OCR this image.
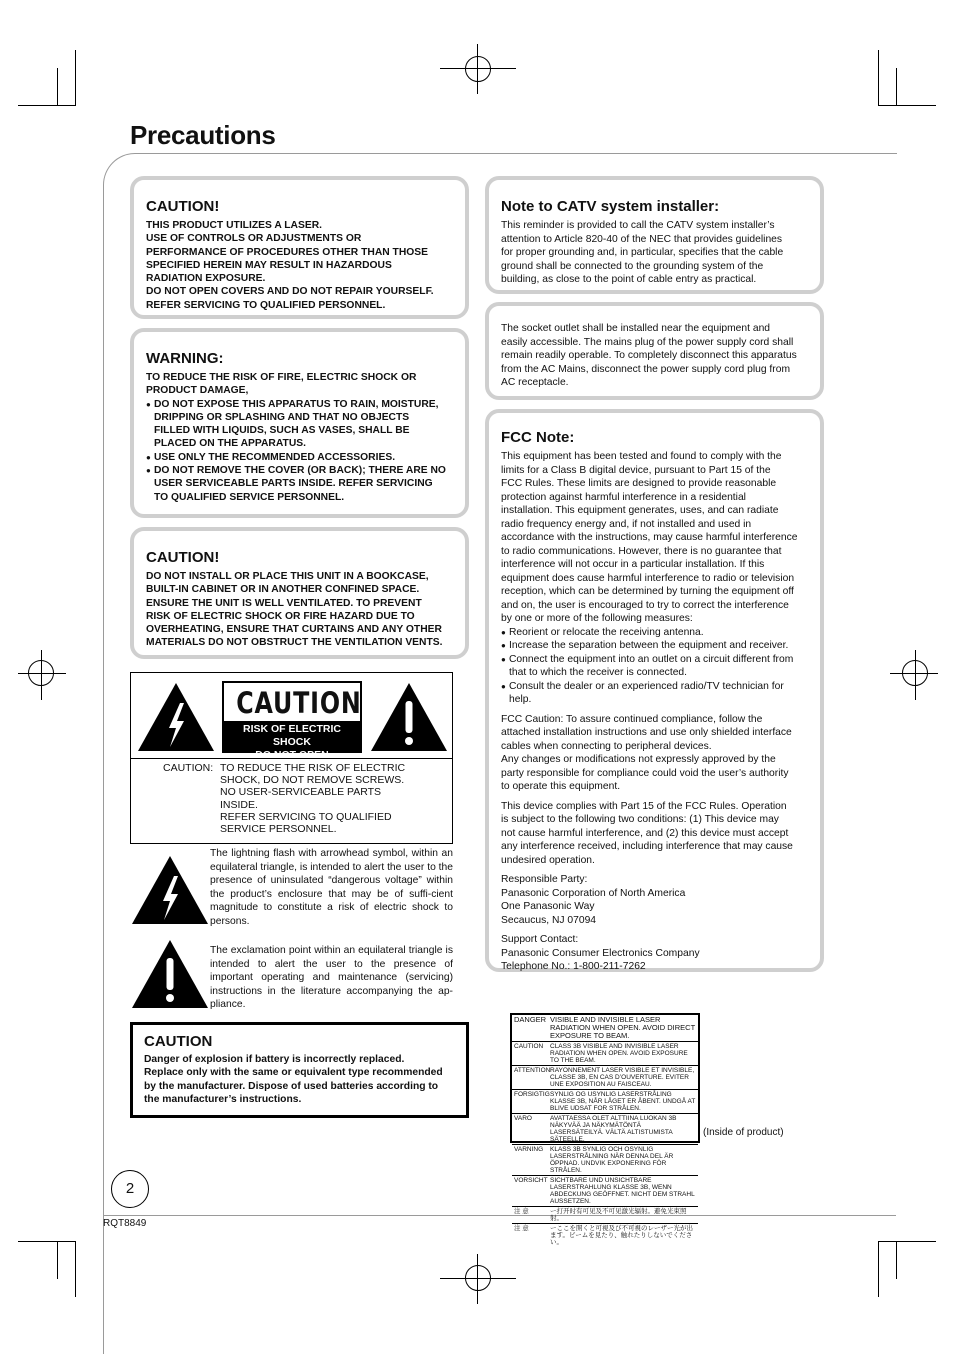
Precautions
CAUTION!
THIS PRODUCT UTILIZES A LASER.
USE OF CONTROLS OR ADJUSTMENTS OR
PERFORMANCE OF PROCEDURES OTHER THAN THOSE
SPECIFIED HEREIN MAY RESULT IN HAZARDOUS
RADIATION EXPOSURE.
DO NOT OPEN COVERS AND DO NOT REPAIR YOURSELF.
REFER SERVICING TO QUALIFIED PERSONNEL.
WARNING:
TO REDUCE THE RISK OF FIRE, ELECTRIC SHOCK OR
PRODUCT DAMAGE,
● DO NOT EXPOSE THIS APPARATUS TO RAIN, MOISTURE,
DRIPPING OR SPLASHING AND THAT NO OBJECTS
FILLED WITH LIQUIDS, SUCH AS VASES, SHALL BE
PLACED ON THE APPARATUS.
● USE ONLY THE RECOMMENDED ACCESSORIES.
● DO NOT REMOVE THE COVER (OR BACK); THERE ARE NO
USER SERVICEABLE PARTS INSIDE. REFER SERVICING
TO QUALIFIED SERVICE PERSONNEL.
CAUTION!
DO NOT INSTALL OR PLACE THIS UNIT IN A BOOKCASE,
BUILT-IN CABINET OR IN ANOTHER CONFINED SPACE.
ENSURE THE UNIT IS WELL VENTILATED. TO PREVENT
RISK OF ELECTRIC SHOCK OR FIRE HAZARD DUE TO
OVERHEATING, ENSURE THAT CURTAINS AND ANY OTHER
MATERIALS DO NOT OBSTRUCT THE VENTILATION VENTS.
CAUTION
RISK OF ELECTRIC SHOCK
DO NOT OPEN
CAUTION: TO REDUCE THE RISK OF ELECTRIC
SHOCK, DO NOT REMOVE SCREWS.
NO USER-SERVICEABLE PARTS
INSIDE.
REFER SERVICING TO QUALIFIED
SERVICE PERSONNEL.
The lightning flash with arrowhead symbol, within an equilateral triangle, is intended to alert the user to the presence of uninsulated “dangerous voltage” within the product’s enclosure that may be of suffi-cient magnitude to constitute a risk of electric shock to persons.
The exclamation point within an equilateral triangle is intended to alert the user to the presence of important operating and maintenance (servicing) instructions in the literature accompanying the ap-pliance.
CAUTION
Danger of explosion if battery is incorrectly replaced.
Replace only with the same or equivalent type recommended
by the manufacturer. Dispose of used batteries according to
the manufacturer’s instructions.
Note to CATV system installer:
This reminder is provided to call the CATV system installer’s
attention to Article 820-40 of the NEC that provides guidelines
for proper grounding and, in particular, specifies that the cable
ground shall be connected to the grounding system of the
building, as close to the point of cable entry as practical.
The socket outlet shall be installed near the equipment and
easily accessible. The mains plug of the power supply cord shall
remain readily operable. To completely disconnect this apparatus
from the AC Mains, disconnect the power supply cord plug from
AC receptacle.
FCC Note:
This equipment has been tested and found to comply with the
limits for a Class B digital device, pursuant to Part 15 of the
FCC Rules. These limits are designed to provide reasonable
protection against harmful interference in a residential
installation. This equipment generates, uses, and can radiate
radio frequency energy and, if not installed and used in
accordance with the instructions, may cause harmful interference
to radio communications. However, there is no guarantee that
interference will not occur in a particular installation. If this
equipment does cause harmful interference to radio or television
reception, which can be determined by turning the equipment off
and on, the user is encouraged to try to correct the interference
by one or more of the following measures:
● Reorient or relocate the receiving antenna.
● Increase the separation between the equipment and receiver.
● Connect the equipment into an outlet on a circuit different from
that to which the receiver is connected.
● Consult the dealer or an experienced radio/TV technician for
help.
FCC Caution: To assure continued compliance, follow the
attached installation instructions and use only shielded interface
cables when connecting to peripheral devices.
Any changes or modifications not expressly approved by the
party responsible for compliance could void the user’s authority
to operate this equipment.
This device complies with Part 15 of the FCC Rules. Operation
is subject to the following two conditions: (1) This device may
not cause harmful interference, and (2) this device must accept
any interference received, including interference that may cause
undesired operation.
Responsible Party:
Panasonic Corporation of North America
One Panasonic Way
Secaucus, NJ 07094
Support Contact:
Panasonic Consumer Electronics Company
Telephone No.: 1-800-211-7262
DANGER VISIBLE AND INVISIBLE LASER RADIATION WHEN OPEN. AVOID DIRECT EXPOSURE TO BEAM.
CAUTION	CLASS 3B VISIBLE AND INVISIBLE LASER RADIATION WHEN OPEN. AVOID EXPOSURE TO THE BEAM.
ATTENTION RAYONNEMENT LASER VISIBLE ET INVISIBLE, CLASSE 3B, EN CAS D’OUVERTURE. EVITER UNE EXPOSITION AU FAISCEAU.
FORSIGTIG SYNLIG OG USYNLIG LASERSTRÅLING KLASSE 3B, NÅR LÅGET ER ÅBENT. UNDGÅ AT BLIVE UDSAT FOR STRÅLEN.
VARO	AVATTAESSA OLET ALTTIINA LUOKAN 3B NÄKYVÄÄ JA NÄKYMÄTÖNTÄ LASERSÄTEILYÄ. VÄLTÄ ALTISTUMISTA SÄTEELLE.
VARNING	KLASS 3B SYNLIG OCH OSYNLIG LASERSTRÅLNING NÄR DENNA DEL ÄR ÖPPNAD. UNDVIK EXPONERING FÖR STRÅLEN.
VORSICHT SICHTBARE UND UNSICHTBARE LASERSTRAHLUNG KLASSE 3B, WENN ABDECKUNG GEÖFFNET. NICHT DEM STRAHL AUSSETZEN.
注 意	ー打开时有可见及不可见激光辐射。避免光束照射。
注 意	ーここを開くと可視及び不可視のレーザー光が出ます。ビームを見たり、触れたりしないでください。
(Inside of product)
2
RQT8849
